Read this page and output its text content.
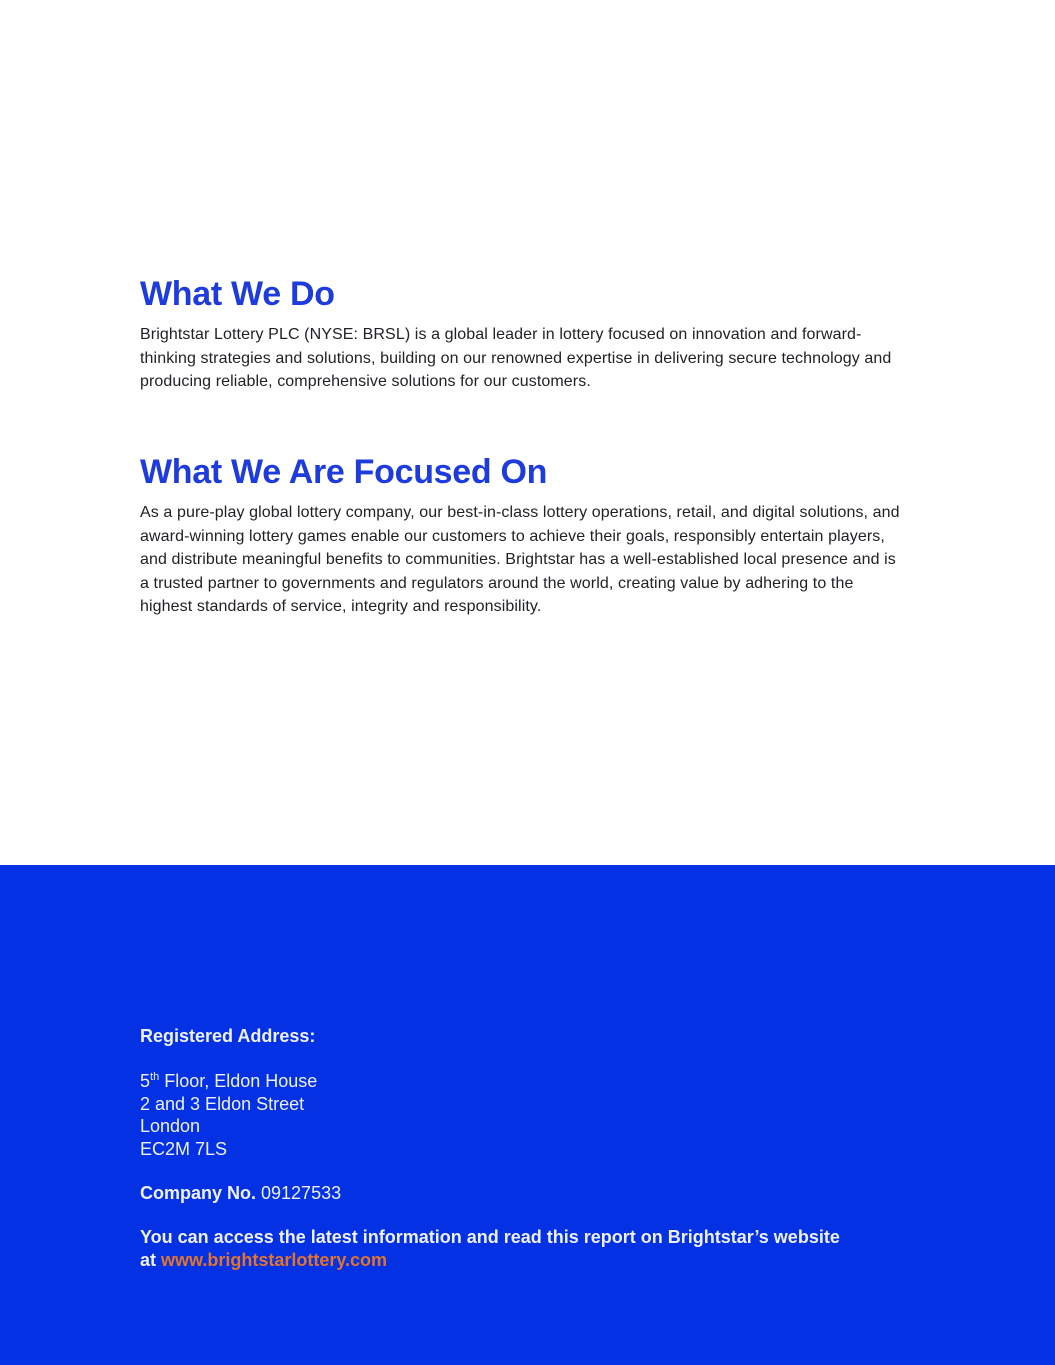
What We Do

Brightstar Lottery PLC (NYSE: BRSL) is a global leader in lottery focused on innovation and forward-thinking strategies and solutions, building on our renowned expertise in delivering secure technology and producing reliable, comprehensive solutions for our customers.

What We Are Focused On

As a pure-play global lottery company, our best-in-class lottery operations, retail, and digital solutions, and award-winning lottery games enable our customers to achieve their goals, responsibly entertain players, and distribute meaningful benefits to communities. Brightstar has a well-established local presence and is a trusted partner to governments and regulators around the world, creating value by adhering to the highest standards of service, integrity and responsibility.

Registered Address:

5th Floor, Eldon House
2 and 3 Eldon Street
London
EC2M 7LS

Company No. 09127533

You can access the latest information and read this report on Brightstar’s website
at www.brightstarlottery.com
